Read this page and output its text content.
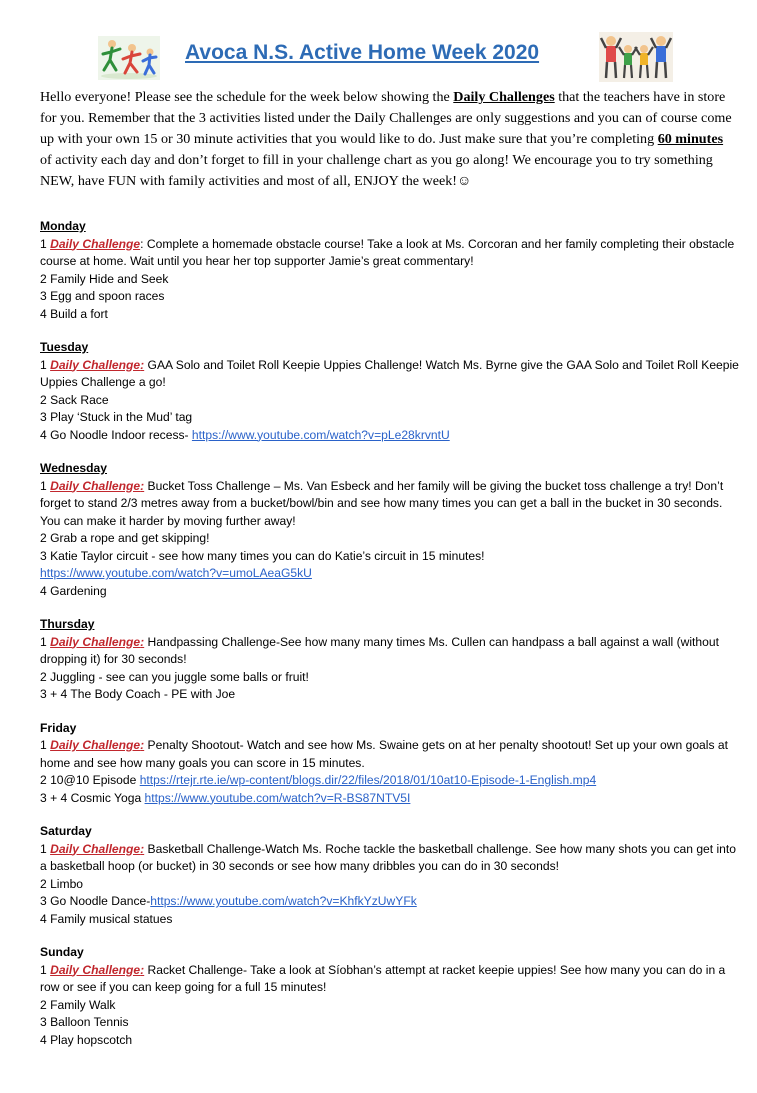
Avoca N.S. Active Home Week 2020
Hello everyone! Please see the schedule for the week below showing the Daily Challenges that the teachers have in store for you. Remember that the 3 activities listed under the Daily Challenges are only suggestions and you can of course come up with your own 15 or 30 minute activities that you would like to do. Just make sure that you’re completing 60 minutes of activity each day and don’t forget to fill in your challenge chart as you go along! We encourage you to try something NEW, have FUN with family activities and most of all, ENJOY the week!☺
Monday
1 Daily Challenge: Complete a homemade obstacle course! Take a look at Ms. Corcoran and her family completing their obstacle course at home. Wait until you hear her top supporter Jamie’s great commentary!
2 Family Hide and Seek
3 Egg and spoon races
4 Build a fort
Tuesday
1 Daily Challenge: GAA Solo and Toilet Roll Keepie Uppies Challenge! Watch Ms. Byrne give the GAA Solo and Toilet Roll Keepie Uppies Challenge a go!
2 Sack Race
3 Play ‘Stuck in the Mud’ tag
4 Go Noodle Indoor recess- https://www.youtube.com/watch?v=pLe28krvntU
Wednesday
1 Daily Challenge: Bucket Toss Challenge – Ms. Van Esbeck and her family will be giving the bucket toss challenge a try! Don’t forget to stand 2/3 metres away from a bucket/bowl/bin and see how many times you can get a ball in the bucket in 30 seconds. You can make it harder by moving further away!
2 Grab a rope and get skipping!
3 Katie Taylor circuit - see how many times you can do Katie’s circuit in 15 minutes!
https://www.youtube.com/watch?v=umoLAeaG5kU
4 Gardening
Thursday
1 Daily Challenge: Handpassing Challenge-See how many many times Ms. Cullen can handpass a ball against a wall (without dropping it) for 30 seconds!
2 Juggling - see can you juggle some balls or fruit!
3 + 4 The Body Coach - PE with Joe
Friday
1 Daily Challenge: Penalty Shootout- Watch and see how Ms. Swaine gets on at her penalty shootout! Set up your own goals at home and see how many goals you can score in 15 minutes.
2 10@10 Episode https://rtejr.rte.ie/wp-content/blogs.dir/22/files/2018/01/10at10-Episode-1-English.mp4
3 + 4 Cosmic Yoga https://www.youtube.com/watch?v=R-BS87NTV5I
Saturday
1 Daily Challenge: Basketball Challenge-Watch Ms. Roche tackle the basketball challenge. See how many shots you can get into a basketball hoop (or bucket) in 30 seconds or see how many dribbles you can do in 30 seconds!
2 Limbo
3 Go Noodle Dance-https://www.youtube.com/watch?v=KhfkYzUwYFk
4 Family musical statues
Sunday
1 Daily Challenge: Racket Challenge- Take a look at Síobhan’s attempt at racket keepie uppies! See how many you can do in a row or see if you can keep going for a full 15 minutes!
2 Family Walk
3 Balloon Tennis
4 Play hopscotch
